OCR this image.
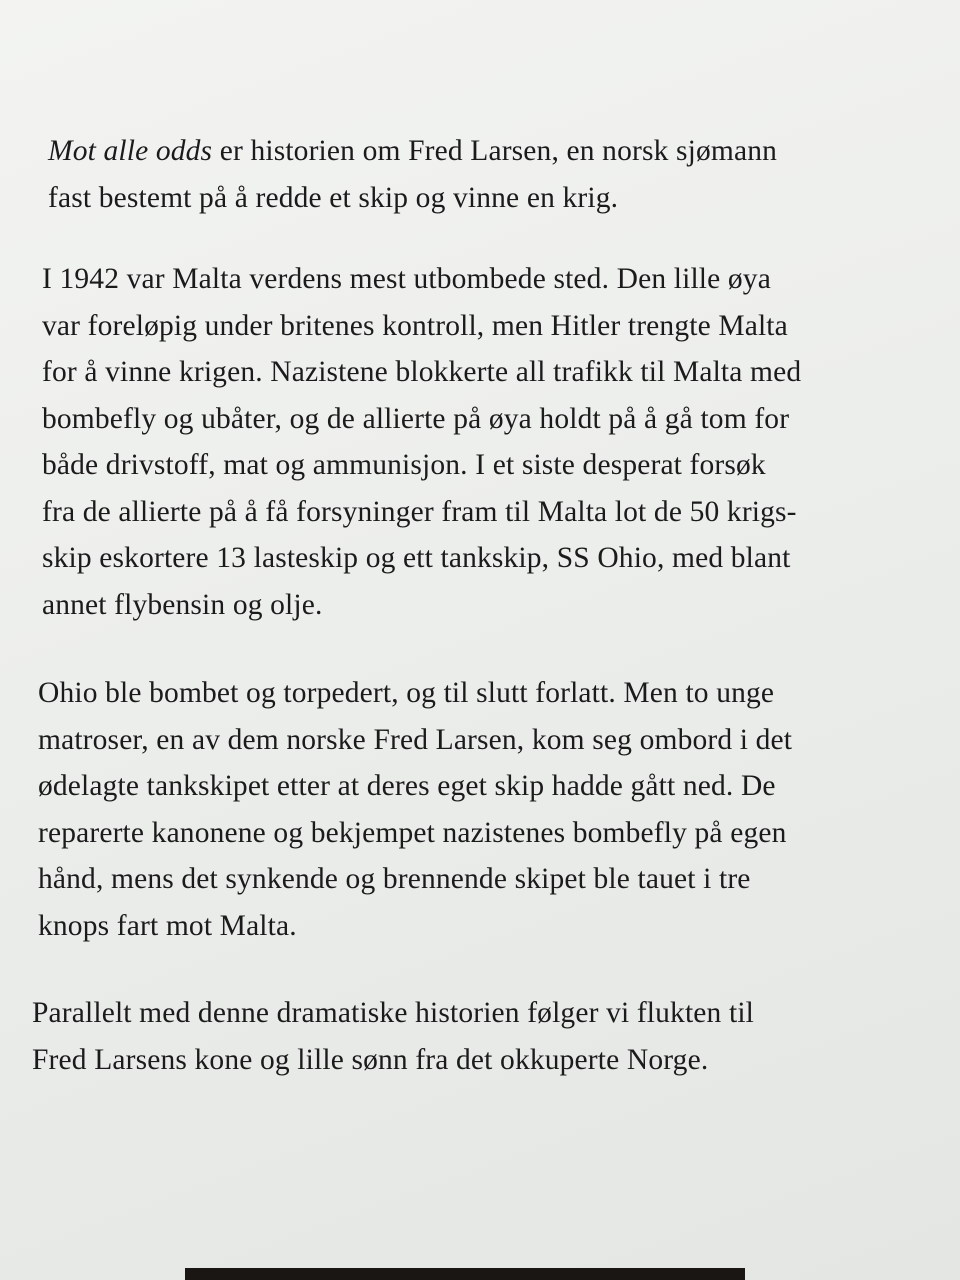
Mot alle odds er historien om Fred Larsen, en norsk sjømann
fast bestemt på å redde et skip og vinne en krig.

I 1942 var Malta verdens mest utbombede sted. Den lille øya
var foreløpig under britenes kontroll, men Hitler trengte Malta
for å vinne krigen. Nazistene blokkerte all trafikk til Malta med
bombefly og ubåter, og de allierte på øya holdt på å gå tom for
både drivstoff, mat og ammunisjon. I et siste desperat forsøk
fra de allierte på å få forsyninger fram til Malta lot de 50 krigs-
skip eskortere 13 lasteskip og ett tankskip, SS Ohio, med blant
annet flybensin og olje.

Ohio ble bombet og torpedert, og til slutt forlatt. Men to unge
matroser, en av dem norske Fred Larsen, kom seg ombord i det
ødelagte tankskipet etter at deres eget skip hadde gått ned. De
reparerte kanonene og bekjempet nazistenes bombefly på egen
hånd, mens det synkende og brennende skipet ble tauet i tre
knops fart mot Malta.

Parallelt med denne dramatiske historien følger vi flukten til
Fred Larsens kone og lille sønn fra det okkuperte Norge.
